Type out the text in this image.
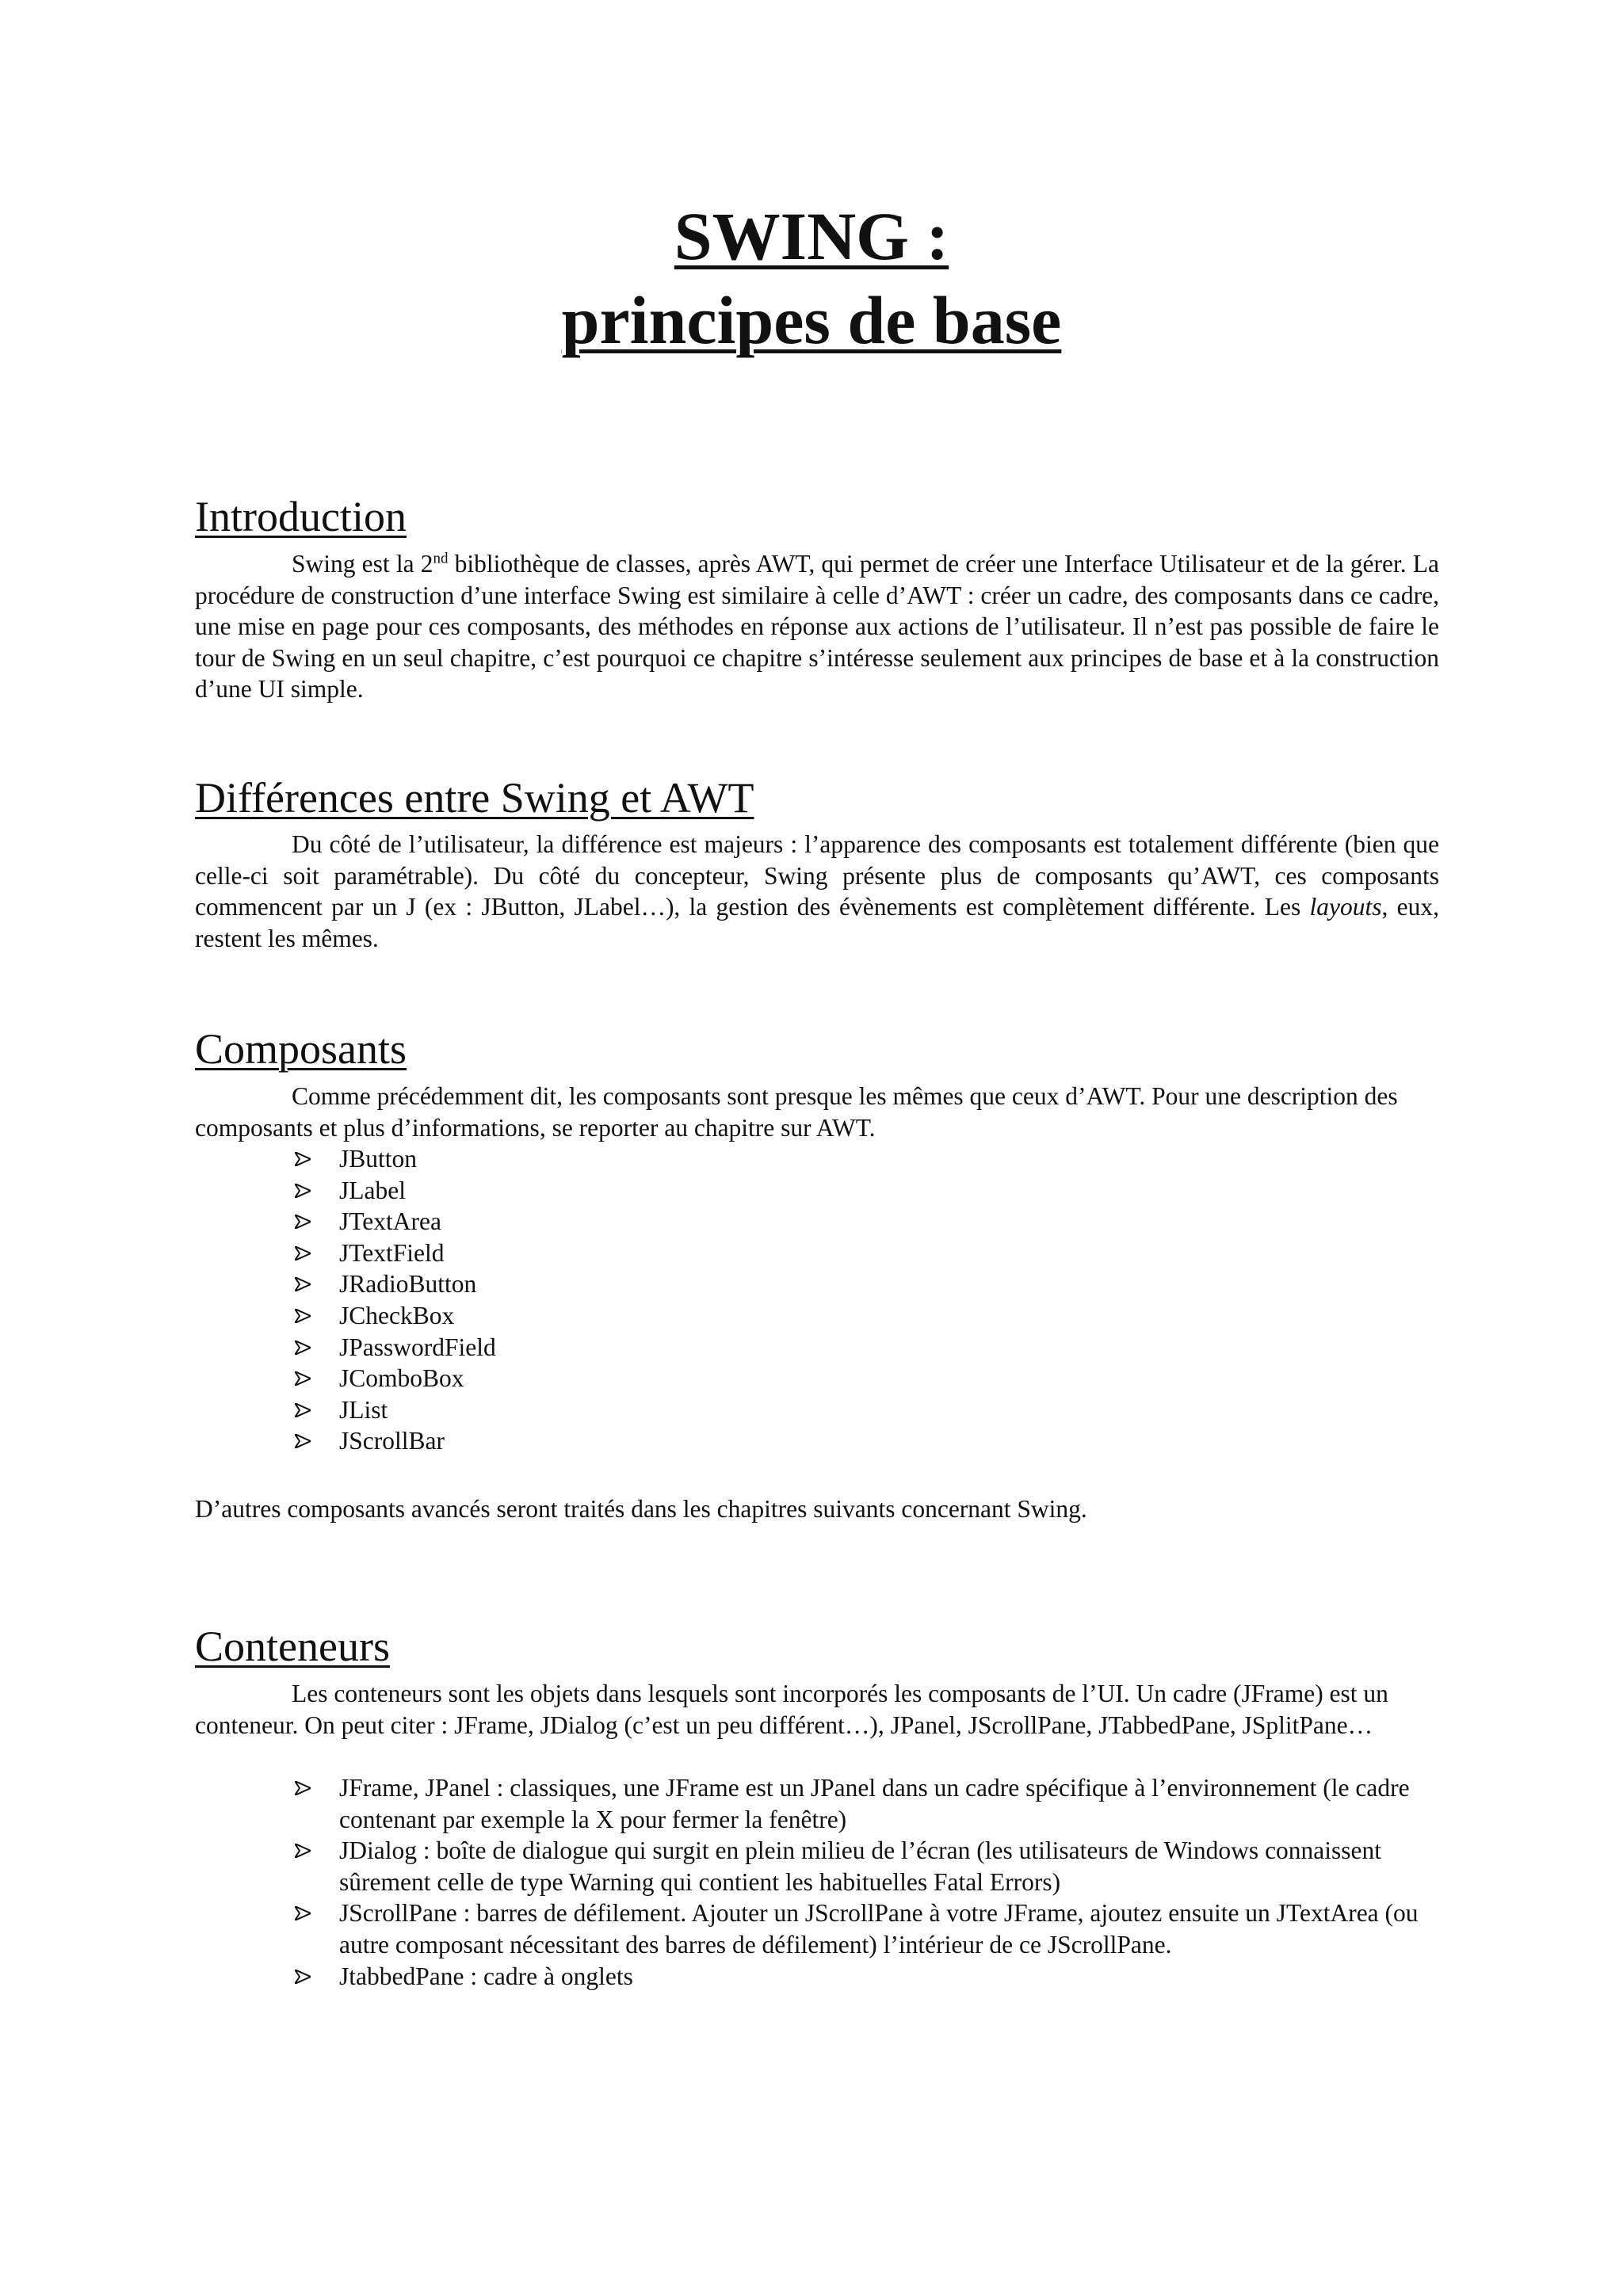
SWING :
principes de base
Introduction

Swing est la 2nd bibliothèque de classes, après AWT, qui permet de créer une Interface Utilisateur et de la gérer. La procédure de construction d’une interface Swing est similaire à celle d’AWT : créer un cadre, des composants dans ce cadre, une mise en page pour ces composants, des méthodes en réponse aux actions de l’utilisateur. Il n’est pas possible de faire le tour de Swing en un seul chapitre, c’est pourquoi ce chapitre s’intéresse seulement aux principes de base et à la construction d’une UI simple.

Différences entre Swing et AWT

Du côté de l’utilisateur, la différence est majeurs : l’apparence des composants est totalement différente (bien que celle-ci soit paramétrable). Du côté du concepteur, Swing présente plus de composants qu’AWT, ces composants commencent par un J (ex : JButton, JLabel…), la gestion des évènements est complètement différente. Les layouts, eux, restent les mêmes.

Composants

Comme précédemment dit, les composants sont presque les mêmes que ceux d’AWT. Pour une description des composants et plus d’informations, se reporter au chapitre sur AWT.

JButton
JLabel
JTextArea
JTextField
JRadioButton
JCheckBox
JPasswordField
JComboBox
JList
JScrollBar

D’autres composants avancés seront traités dans les chapitres suivants concernant Swing.

Conteneurs

Les conteneurs sont les objets dans lesquels sont incorporés les composants de l’UI. Un cadre (JFrame) est un conteneur. On peut citer : JFrame, JDialog (c’est un peu différent…), JPanel, JScrollPane, JTabbedPane, JSplitPane…

JFrame, JPanel : classiques, une JFrame est un JPanel dans un cadre spécifique à l’environnement (le cadre contenant par exemple la X pour fermer la fenêtre)
JDialog : boîte de dialogue qui surgit en plein milieu de l’écran (les utilisateurs de Windows connaissent sûrement celle de type Warning qui contient les habituelles Fatal Errors)
JScrollPane : barres de défilement. Ajouter un JScrollPane à votre JFrame, ajoutez ensuite un JTextArea (ou autre composant nécessitant des barres de défilement) l’intérieur de ce JScrollPane.
JtabbedPane : cadre à onglets
